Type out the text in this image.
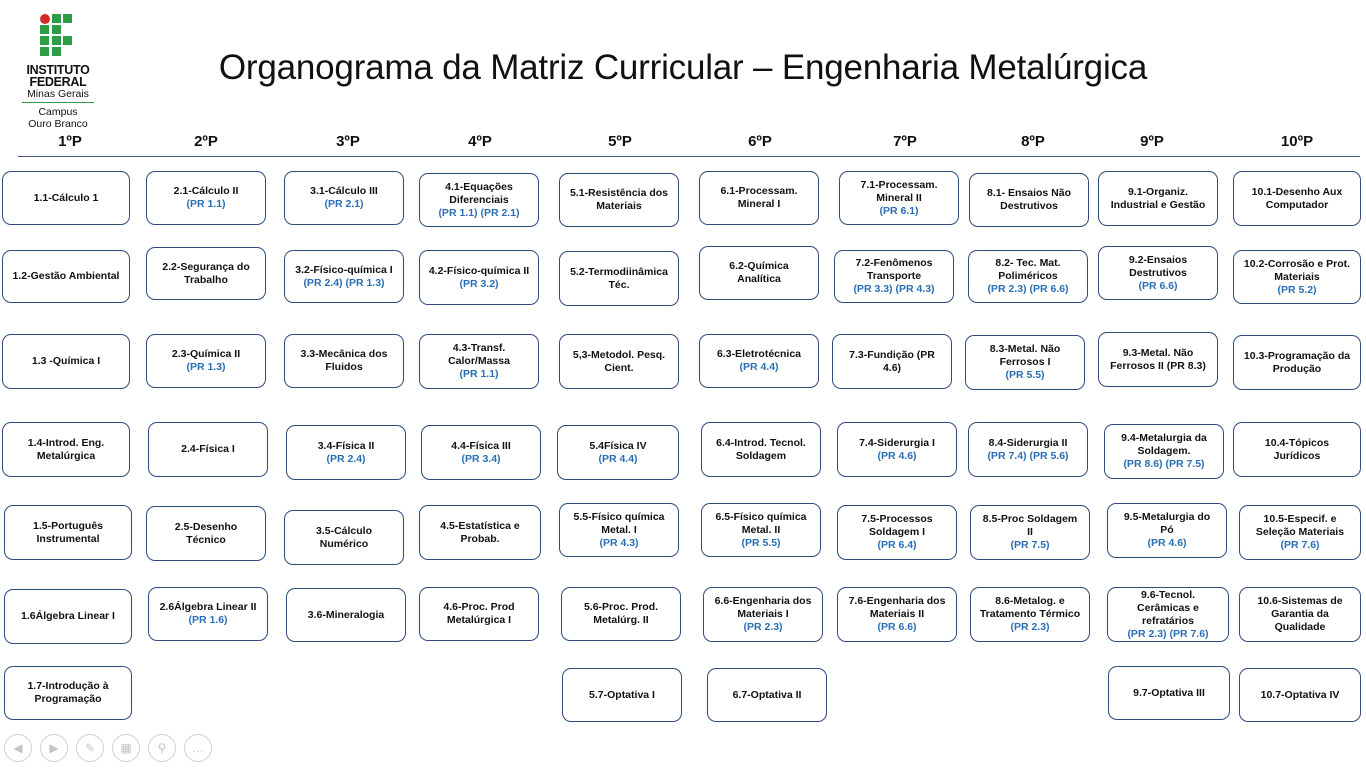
INSTITUTO
FEDERAL
Minas Gerais
Campus
Ouro Branco
Organograma da Matriz Curricular – Engenharia Metalúrgica
1ºP	2ºP	3ºP	4ºP	5ºP	6ºP	7ºP	8ºP	9ºP	10ºP
1.1-Cálculo 1
1.2-Gestão Ambiental
1.3 -Química I
1.4-Introd. Eng.
Metalúrgica
1.5-Português
Instrumental
1.6Álgebra Linear I
1.7-Introdução à
Programação
2.1-Cálculo II
(PR 1.1)
2.2-Segurança do
Trabalho
2.3-Química II
(PR 1.3)
2.4-Física I
2.5-Desenho
Técnico
2.6Álgebra Linear II
(PR 1.6)
3.1-Cálculo III
(PR 2.1)
3.2-Físico-química I
(PR 2.4) (PR 1.3)
3.3-Mecânica dos
Fluidos
3.4-Física II
(PR 2.4)
3.5-Cálculo
Numérico
3.6-Mineralogia
4.1-Equações
Diferenciais
(PR 1.1) (PR 2.1)
4.2-Físico-química II
(PR 3.2)
4.3-Transf.
Calor/Massa
(PR 1.1)
4.4-Física III
(PR 3.4)
4.5-Estatística e
Probab.
4.6-Proc. Prod
Metalúrgica I
5.1-Resistência dos
Materiais
5.2-Termodiinâmica
Téc.
5,3-Metodol. Pesq.
Cient.
5.4Física IV
(PR 4.4)
5.5-Físico química
Metal. I
(PR 4.3)
5.6-Proc. Prod.
Metalúrg. II
5.7-Optativa I
6.1-Processam.
Mineral I
6.2-Química
Analítica
6.3-Eletrotécnica
(PR 4.4)
6.4-Introd. Tecnol.
Soldagem
6.5-Físico química
Metal. II
(PR 5.5)
6.6-Engenharia dos
Materiais I
(PR 2.3)
6.7-Optativa II
7.1-Processam.
Mineral II
(PR 6.1)
7.2-Fenômenos
Transporte
(PR 3.3) (PR 4.3)
7.3-Fundição (PR
4.6)
7.4-Siderurgia I
(PR 4.6)
7.5-Processos
Soldagem I
(PR 6.4)
7.6-Engenharia dos
Materiais II
(PR 6.6)
8.1- Ensaios Não
Destrutivos
8.2- Tec. Mat.
Poliméricos
(PR 2.3) (PR 6.6)
8.3-Metal. Não
Ferrosos I
(PR 5.5)
8.4-Siderurgia II
(PR 7.4) (PR 5.6)
8.5-Proc Soldagem
II
(PR 7.5)
8.6-Metalog. e
Tratamento Térmico
(PR 2.3)
9.1-Organiz.
Industrial e Gestão
9.2-Ensaios
Destrutivos
(PR 6.6)
9.3-Metal. Não
Ferrosos II (PR 8.3)
9.4-Metalurgia da
Soldagem.
(PR 8.6) (PR 7.5)
9.5-Metalurgia do
Pó
(PR 4.6)
9.6-Tecnol.
Cerâmicas e
refratários
(PR 2.3) (PR 7.6)
9.7-Optativa III
10.1-Desenho Aux
Computador
10.2-Corrosão e Prot.
Materiais
(PR 5.2)
10.3-Programação da
Produção
10.4-Tópicos
Jurídicos
10.5-Especif. e
Seleção Materiais
(PR 7.6)
10.6-Sistemas de
Garantia da
Qualidade
10.7-Optativa IV
◀	▶	✎	▦	⚲	…
